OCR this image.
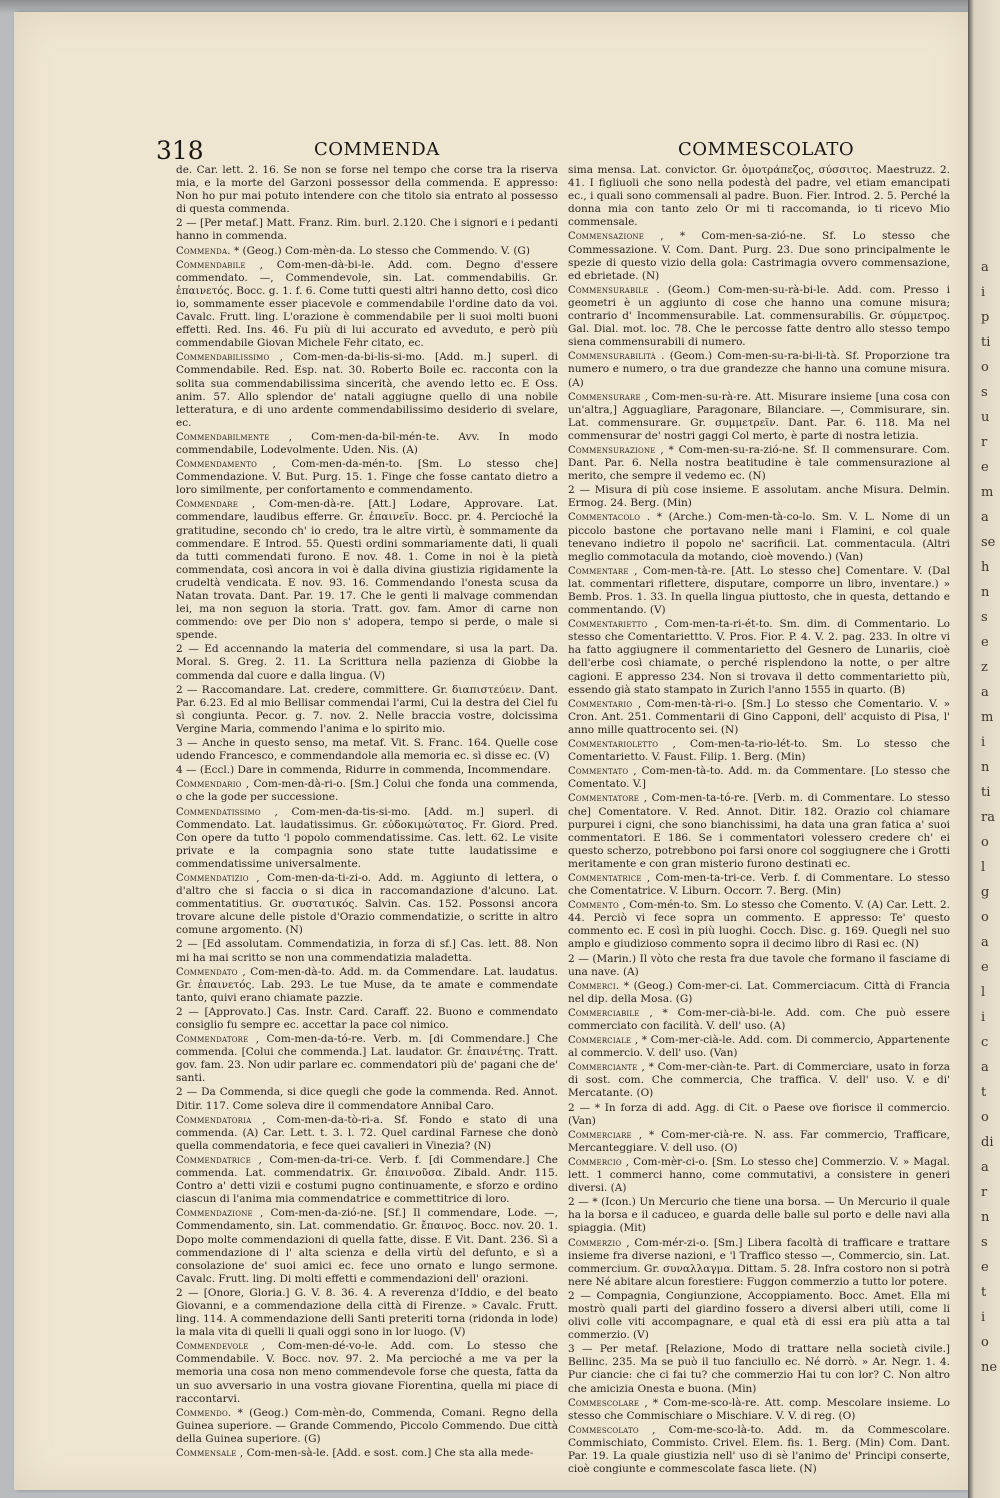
318	COMMENDA	COMMESCOLATO

de. Car. lett. 2. 16. Se non se forse nel tempo che corse tra la riserva mia, e la morte del Garzoni possessor della commenda. E appresso: Non ho pur mai potuto intendere con che titolo sia entrato al possesso di questa commenda.

2 — [Per metaf.] Matt. Franz. Rim. burl. 2.120. Che i signori e i pedanti hanno in commenda.

Commenda. * (Geog.) Com-mèn-da. Lo stesso che Commendo. V. (G)

Commendabile , Com-men-dà-bi-le. Add. com. Degno d'essere commendato. —, Commendevole, sin. Lat. commendabilis. Gr. ἐπαινετός. Bocc. g. 1. f. 6. Come tutti questi altri hanno detto, così dico io, sommamente esser piacevole e commendabile l'ordine dato da voi. Cavalc. Frutt. ling. L'orazione è commendabile per li suoi molti buoni effetti. Red. Ins. 46. Fu più di lui accurato ed avveduto, e però più commendabile Giovan Michele Fehr citato, ec.

Commendabilissimo , Com-men-da-bi-lis-si-mo. [Add. m.] superl. di Commendabile. Red. Esp. nat. 30. Roberto Boile ec. racconta con la solita sua commendabilissima sincerità, che avendo letto ec. E Oss. anim. 57. Allo splendor de' natali aggiugne quello di una nobile letteratura, e di uno ardente commendabilissimo desiderio di svelare, ec.

Commendabilmente , Com-men-da-bil-mén-te. Avv. In modo commendabile, Lodevolmente. Uden. Nis. (A)

Commendamento , Com-men-da-mén-to. [Sm. Lo stesso che] Commendazione. V. But. Purg. 15. 1. Finge che fosse cantato dietro a loro similmente, per confortamento e commendamento.

Commendare , Com-men-dà-re. [Att.] Lodare, Approvare. Lat. commendare, laudibus efferre. Gr. ἐπαινεῖν. Bocc. pr. 4. Percioché la gratitudine, secondo ch' io credo, tra le altre virtù, è sommamente da commendare. E Introd. 55. Questi ordini sommariamente dati, li quali da tutti commendati furono. E nov. 48. 1. Come in noi è la pietà commendata, così ancora in voi è dalla divina giustizia rigidamente la crudeltà vendicata. E nov. 93. 16. Commendando l'onesta scusa da Natan trovata. Dant. Par. 19. 17. Che le genti li malvage commendan lei, ma non seguon la storia. Tratt. gov. fam. Amor di carne non commendo: ove per Dio non s' adopera, tempo si perde, o male si spende.

2 — Ed accennando la materia del commendare, si usa la part. Da. Moral. S. Greg. 2. 11. La Scrittura nella pazienza di Giobbe la commenda dal cuore e dalla lingua. (V)

2 — Raccomandare. Lat. credere, committere. Gr. διαπιστεύειν. Dant. Par. 6.23. Ed al mio Bellisar commendai l'armi, Cui la destra del Ciel fu sì congiunta. Pecor. g. 7. nov. 2. Nelle braccia vostre, dolcissima Vergine Maria, commendo l'anima e lo spirito mio.

3 — Anche in questo senso, ma metaf. Vit. S. Franc. 164. Quelle cose udendo Francesco, e commendandole alla memoria ec. sì disse ec. (V)

4 — (Eccl.) Dare in commenda, Ridurre in commenda, Incommendare.

Commendario , Com-men-dà-ri-o. [Sm.] Colui che fonda una commenda, o che la gode per successione.

Commendatissimo , Com-men-da-tis-si-mo. [Add. m.] superl. di Commendato. Lat. laudatissimus. Gr. εὐδοκιμώτατος. Fr. Giord. Pred. Con opere da tutto 'l popolo commendatissime. Cas. lett. 62. Le visite private e la compagnia sono state tutte laudatissime e commendatissime universalmente.

Commendatizio , Com-men-da-ti-zi-o. Add. m. Aggiunto di lettera, o d'altro che si faccia o si dica in raccomandazione d'alcuno. Lat. commentatitius. Gr. συστατικός. Salvin. Cas. 152. Possonsi ancora trovare alcune delle pistole d'Orazio commendatizie, o scritte in altro comune argomento. (N)

2 — [Ed assolutam. Commendatizia, in forza di sf.] Cas. lett. 88. Non mi ha mai scritto se non una commendatizia maladetta.

Commendato , Com-men-dà-to. Add. m. da Commendare. Lat. laudatus. Gr. ἐπαινετός. Lab. 293. Le tue Muse, da te amate e commendate tanto, quivi erano chiamate pazzie.

2 — [Approvato.] Cas. Instr. Card. Caraff. 22. Buono e commendato consiglio fu sempre ec. accettar la pace col nimico.

Commendatore , Com-men-da-tó-re. Verb. m. [di Commendare.] Che commenda. [Colui che commenda.] Lat. laudator. Gr. ἐπαινέτης. Tratt. gov. fam. 23. Non udir parlare ec. commendatori più de' pagani che de' santi.

2 — Da Commenda, si dice quegli che gode la commenda. Red. Annot. Ditir. 117. Come soleva dire il commendatore Annibal Caro.

Commendatoria , Com-men-da-tò-ri-a. Sf. Fondo e stato di una commenda. (A) Car. Lett. t. 3. l. 72. Quel cardinal Farnese che donò quella commendatoria, e fece quei cavalieri in Vinezia? (N)

Commendatrice , Com-men-da-tri-ce. Verb. f. [di Commendare.] Che commenda. Lat. commendatrix. Gr. ἐπαινοῦσα. Zibald. Andr. 115. Contro a' detti vizii e costumi pugno continuamente, e sforzo e ordino ciascun di l'anima mia commendatrice e commettitrice di loro.

Commendazione , Com-men-da-zió-ne. [Sf.] Il commendare, Lode. —, Commendamento, sin. Lat. commendatio. Gr. ἔπαινος. Bocc. nov. 20. 1. Dopo molte commendazioni di quella fatte, disse. E Vit. Dant. 236. Sì a commendazione di l' alta scienza e della virtù del defunto, e sì a consolazione de' suoi amici ec. fece uno ornato e lungo sermone. Cavalc. Frutt. ling. Di molti effetti e commendazioni dell' orazioni.

2 — [Onore, Gloria.] G. V. 8. 36. 4. A reverenza d'Iddio, e del beato Giovanni, e a commendazione della città di Firenze. » Cavalc. Frutt. ling. 114. A commendazione delli Santi preteriti torna (ridonda in lode) la mala vita di quelli li quali oggi sono in lor luogo. (V)

Commendevole , Com-men-dé-vo-le. Add. com. Lo stesso che Commendabile. V. Bocc. nov. 97. 2. Ma percioché a me va per la memoria una cosa non meno commendevole forse che questa, fatta da un suo avversario in una vostra giovane Fiorentina, quella mi piace di raccontarvi.

Commendo. * (Geog.) Com-mèn-do, Commenda, Comani. Regno della Guinea superiore. — Grande Commendo, Piccolo Commendo. Due città della Guinea superiore. (G)

Commensale , Com-men-sà-le. [Add. e sost. com.] Che sta alla mede-

sima mensa. Lat. convictor. Gr. ὁμοτράπεζος, σύσσιτος. Maestruzz. 2. 41. I figliuoli che sono nella podestà del padre, vel etiam emancipati ec., i quali sono commensali al padre. Buon. Fier. Introd. 2. 5. Perché la donna mia con tanto zelo Or mi ti raccomanda, io ti ricevo Mio commensale.

Commensazione , * Com-men-sa-zió-ne. Sf. Lo stesso che Commessazione. V. Com. Dant. Purg. 23. Due sono principalmente le spezie di questo vizio della gola: Castrimagia ovvero commensazione, ed ebrietade. (N)

Commensurabile . (Geom.) Com-men-su-rà-bi-le. Add. com. Presso i geometri è un aggiunto di cose che hanno una comune misura; contrario d' Incommensurabile. Lat. commensurabilis. Gr. σύμμετρος. Gal. Dial. mot. loc. 78. Che le percosse fatte dentro allo stesso tempo siena commensurabili di numero.

Commensurabilità . (Geom.) Com-men-su-ra-bi-li-tà. Sf. Proporzione tra numero e numero, o tra due grandezze che hanno una comune misura. (A)

Commensurare , Com-men-su-rà-re. Att. Misurare insieme [una cosa con un'altra,] Agguagliare, Paragonare, Bilanciare. —, Commisurare, sin. Lat. commensurare. Gr. συμμετρεῖν. Dant. Par. 6. 118. Ma nel commensurar de' nostri gaggi Col merto, è parte di nostra letizia.

Commensurazione , * Com-men-su-ra-zió-ne. Sf. Il commensurare. Com. Dant. Par. 6. Nella nostra beatitudine è tale commensurazione al merito, che sempre il vedemo ec. (N)

2 — Misura di più cose insieme. E assolutam. anche Misura. Delmin. Ermog. 24. Berg. (Min)

Commentacolo . * (Arche.) Com-men-tà-co-lo. Sm. V. L. Nome di un piccolo bastone che portavano nelle mani i Flamini, e col quale tenevano indietro il popolo ne' sacrificii. Lat. commentacula. (Altri meglio commotacula da motando, cioè movendo.) (Van)

Commentare , Com-men-tà-re. [Att. Lo stesso che] Comentare. V. (Dal lat. commentari riflettere, disputare, comporre un libro, inventare.) » Bemb. Pros. 1. 33. In quella lingua piuttosto, che in questa, dettando e commentando. (V)

Commentarietto , Com-men-ta-ri-ét-to. Sm. dim. di Commentario. Lo stesso che Comentariettto. V. Pros. Fior. P. 4. V. 2. pag. 233. In oltre vi ha fatto aggiugnere il commentarietto del Gesnero de Lunariis, cioè dell'erbe così chiamate, o perché risplendono la notte, o per altre cagioni. E appresso 234. Non si trovava il detto commentarietto più, essendo già stato stampato in Zurich l'anno 1555 in quarto. (B)

Commentario , Com-men-tà-ri-o. [Sm.] Lo stesso che Comentario. V. » Cron. Ant. 251. Commentarii di Gino Capponi, dell' acquisto di Pisa, l' anno mille quattrocento sei. (N)

Commentarioletto , Com-men-ta-rio-lét-to. Sm. Lo stesso che Comentarietto. V. Faust. Filip. 1. Berg. (Min)

Commentato , Com-men-tà-to. Add. m. da Commentare. [Lo stesso che Comentato. V.]

Commentatore , Com-men-ta-tó-re. [Verb. m. di Commentare. Lo stesso che] Comentatore. V. Red. Annot. Ditir. 182. Orazio col chiamare purpurei i cigni, che sono bianchissimi, ha data una gran fatica a' suoi commentatori. E 186. Se i commentatori volessero credere ch' ei questo scherzo, potrebbono poi farsi onore col soggiugnere che i Grotti meritamente e con gran misterio furono destinati ec.

Commentatrice , Com-men-ta-tri-ce. Verb. f. di Commentare. Lo stesso che Comentatrice. V. Liburn. Occorr. 7. Berg. (Min)

Commento , Com-mén-to. Sm. Lo stesso che Comento. V. (A) Car. Lett. 2. 44. Perciò vi fece sopra un commento. E appresso: Te' questo commento ec. E così in più luoghi. Cocch. Disc. g. 169. Quegli nel suo amplo e giudizioso commento sopra il decimo libro di Rasi ec. (N)

2 — (Marin.) Il vòto che resta fra due tavole che formano il fasciame di una nave. (A)

Commerci. * (Geog.) Com-mer-ci. Lat. Commerciacum. Città di Francia nel dip. della Mosa. (G)

Commerciabile , * Com-mer-cià-bi-le. Add. com. Che può essere commerciato con facilità. V. dell' uso. (A)

Commerciale , * Com-mer-cià-le. Add. com. Di commercio, Appartenente al commercio. V. dell' uso. (Van)

Commerciante , * Com-mer-ciàn-te. Part. di Commerciare, usato in forza di sost. com. Che commercia, Che traffica. V. dell' uso. V. e di' Mercatante. (O)

2 — * In forza di add. Agg. di Cit. o Paese ove fiorisce il commercio. (Van)

Commerciare , * Com-mer-cià-re. N. ass. Far commercio, Trafficare, Mercanteggiare. V. dell uso. (O)

Commercio , Com-mèr-ci-o. [Sm. Lo stesso che] Commerzio. V. » Magal. lett. 1 commerci hanno, come commutativi, a consistere in generi diversi. (A)

2 — * (Icon.) Un Mercurio che tiene una borsa. — Un Mercurio il quale ha la borsa e il caduceo, e guarda delle balle sul porto e delle navi alla spiaggia. (Mit)

Commerzio , Com-mér-zi-o. [Sm.] Libera facoltà di trafficare e trattare insieme fra diverse nazioni, e 'l Traffico stesso —, Commercio, sin. Lat. commercium. Gr. συναλλαγμα. Dittam. 5. 28. Infra costoro non si potrà nere Né abitare alcun forestiere: Fuggon commerzio a tutto lor potere.

2 — Compagnia, Congiunzione, Accoppiamento. Bocc. Amet. Ella mi mostrò quali parti del giardino fossero a diversi alberi utili, come li olivi colle viti accompagnare, e qual età di essi era più atta a tal commerzio. (V)

3 — Per metaf. [Relazione, Modo di trattare nella società civile.] Bellinc. 235. Ma se può il tuo fanciullo ec. Né dorrò. » Ar. Negr. 1. 4. Pur ciancie: che ci fai tu? che commerzio Hai tu con lor? C. Non altro che amicizia Onesta e buona. (Min)

Commescolare , * Com-me-sco-là-re. Att. comp. Mescolare insieme. Lo stesso che Commischiare o Mischiare. V. V. di reg. (O)

Commescolato , Com-me-sco-là-to. Add. m. da Commescolare. Commischiato, Commisto. Crivel. Elem. fis. 1. Berg. (Min) Com. Dant. Par. 19. La quale giustizia nell' uso di sè l'animo de' Principi conserte, cioè congiunte e commescolate fasca liete. (N)

a
i
p
ti
o
s
u
r
e
m
a
se
h
n
s
e
z
a
m
i
n
ti
ra
o
l
g
o
a
e
l
i
c
a
t
o
di
a
r
n
s
e
t
i
o
ne
